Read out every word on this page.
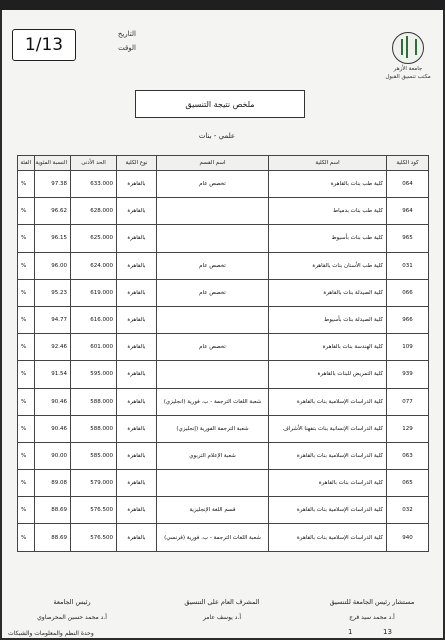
1/13
التاريخ
الوقت
جامعة الأزهر
مكتب تنسيق القبول
ملخص نتيجة التنسيق
علمي - بنات
كود الكلية	اسم الكلية	اسم القسم	نوع الكلية	الحد الأدنى	النسبة المئوية	الفئة
064	كلية طب بنات بالقاهرة	تخصص عام	بالقاهرة	633.000	97.38	%
964	كلية طب بنات بدمياط		بالقاهرة	628.000	96.62	%
965	كلية طب بنات بأسيوط		بالقاهرة	625.000	96.15	%
031	كلية طب الأسنان بنات بالقاهرة	تخصص عام	بالقاهرة	624.000	96.00	%
066	كلية الصيدلة بنات بالقاهرة	تخصص عام	بالقاهرة	619.000	95.23	%
966	كلية الصيدلة بنات بأسيوط		بالقاهرة	616.000	94.77	%
109	كلية الهندسة بنات بالقاهرة	تخصص عام	بالقاهرة	601.000	92.46	%
939	كلية التمريض للبنات بالقاهرة		بالقاهرة	595.000	91.54	%
077	كلية الدراسات الإسلامية بنات بالقاهرة	شعبة اللغات الترجمة - ب. فورية (انجليزي)	بالقاهرة	588.000	90.46	%
129	كلية الدراسات الإنسانية بنات بتفهنا الأشراف	شعبة الترجمة الفورية (إنجليزي)	بالقاهرة	588.000	90.46	%
063	كلية الدراسات الإسلامية بنات بالقاهرة	شعبة الإعلام التربوي	بالقاهرة	585.000	90.00	%
065	كلية الدراسات بنات بالقاهرة		بالقاهرة	579.000	89.08	%
032	كلية الدراسات الإسلامية بنات بالقاهرة	قسم اللغة الإنجليزية	بالقاهرة	576.500	88.69	%
940	كلية الدراسات الإسلامية بنات بالقاهرة	شعبة اللغات الترجمة - ب. فورية (فرنسي)	بالقاهرة	576.500	88.69	%
مستشار رئيس الجامعة للتنسيق
المشرف العام على التنسيق
رئيس الجامعة
أ.د محمد سيد فرج
أ.د يوسف عامر
أ.د محمد حسين المحرصاوي
وحدة النظم والمعلومات والشبكات	1	13
